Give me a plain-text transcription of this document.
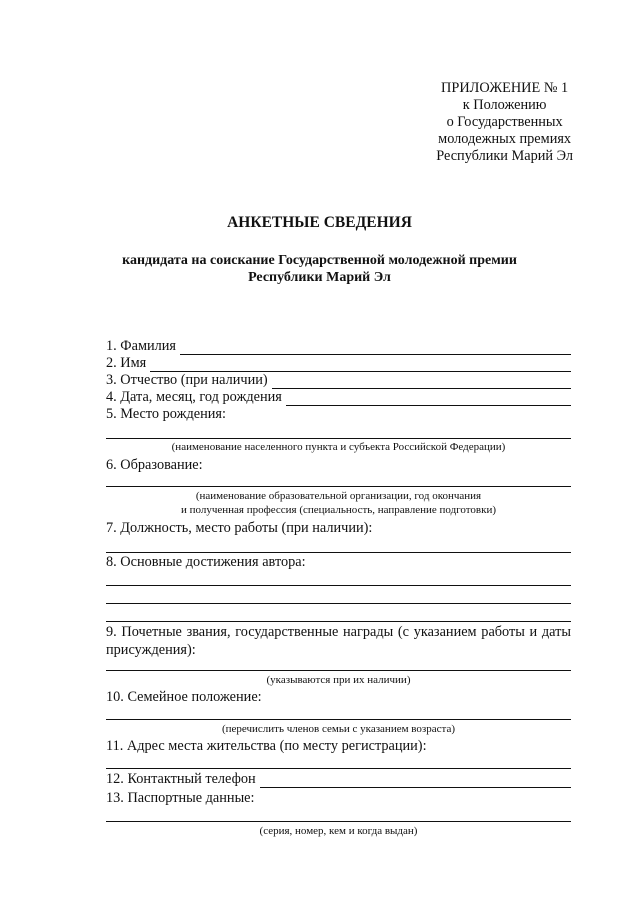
ПРИЛОЖЕНИЕ № 1
к Положению
о Государственных
молодежных премиях
Республики Марий Эл
АНКЕТНЫЕ СВЕДЕНИЯ
кандидата на соискание Государственной молодежной премии
Республики Марий Эл
1. Фамилия
2. Имя
3. Отчество (при наличии)
4. Дата, месяц, год рождения
5. Место рождения:
(наименование населенного пункта и субъекта Российской Федерации)
6. Образование:
(наименование образовательной организации, год окончания
и полученная профессия (специальность, направление подготовки)
7. Должность, место работы (при наличии):
8. Основные достижения автора:
9. Почетные звания, государственные награды (с указанием работы и даты присуждения):
(указываются при их наличии)
10. Семейное положение:
(перечислить членов семьи с указанием возраста)
11. Адрес места жительства (по месту регистрации):
12. Контактный телефон
13. Паспортные данные:
(серия, номер, кем и когда выдан)
